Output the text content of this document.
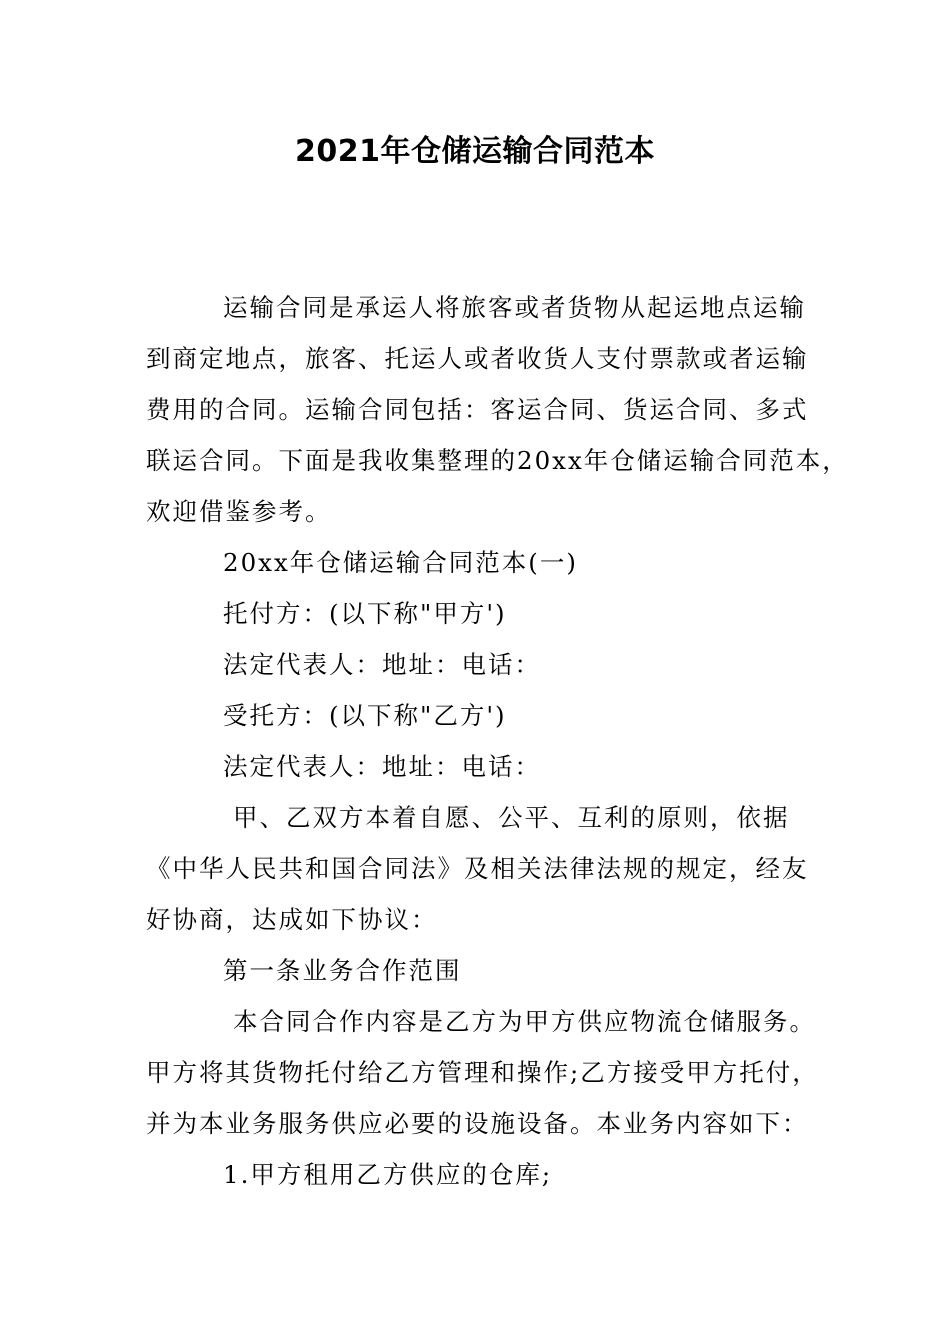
2021年仓储运输合同范本
运输合同是承运人将旅客或者货物从起运地点运输
到商定地点，旅客、托运人或者收货人支付票款或者运输
费用的合同。运输合同包括：客运合同、货运合同、多式
联运合同。下面是我收集整理的20xx年仓储运输合同范本，
欢迎借鉴参考。
20xx年仓储运输合同范本(一)
托付方：(以下称"甲方')
法定代表人：地址：电话：
受托方：(以下称"乙方')
法定代表人：地址：电话：
甲、乙双方本着自愿、公平、互利的原则，依据
《中华人民共和国合同法》及相关法律法规的规定，经友
好协商，达成如下协议：
第一条业务合作范围
本合同合作内容是乙方为甲方供应物流仓储服务。
甲方将其货物托付给乙方管理和操作;乙方接受甲方托付，
并为本业务服务供应必要的设施设备。本业务内容如下：
1.甲方租用乙方供应的仓库;
